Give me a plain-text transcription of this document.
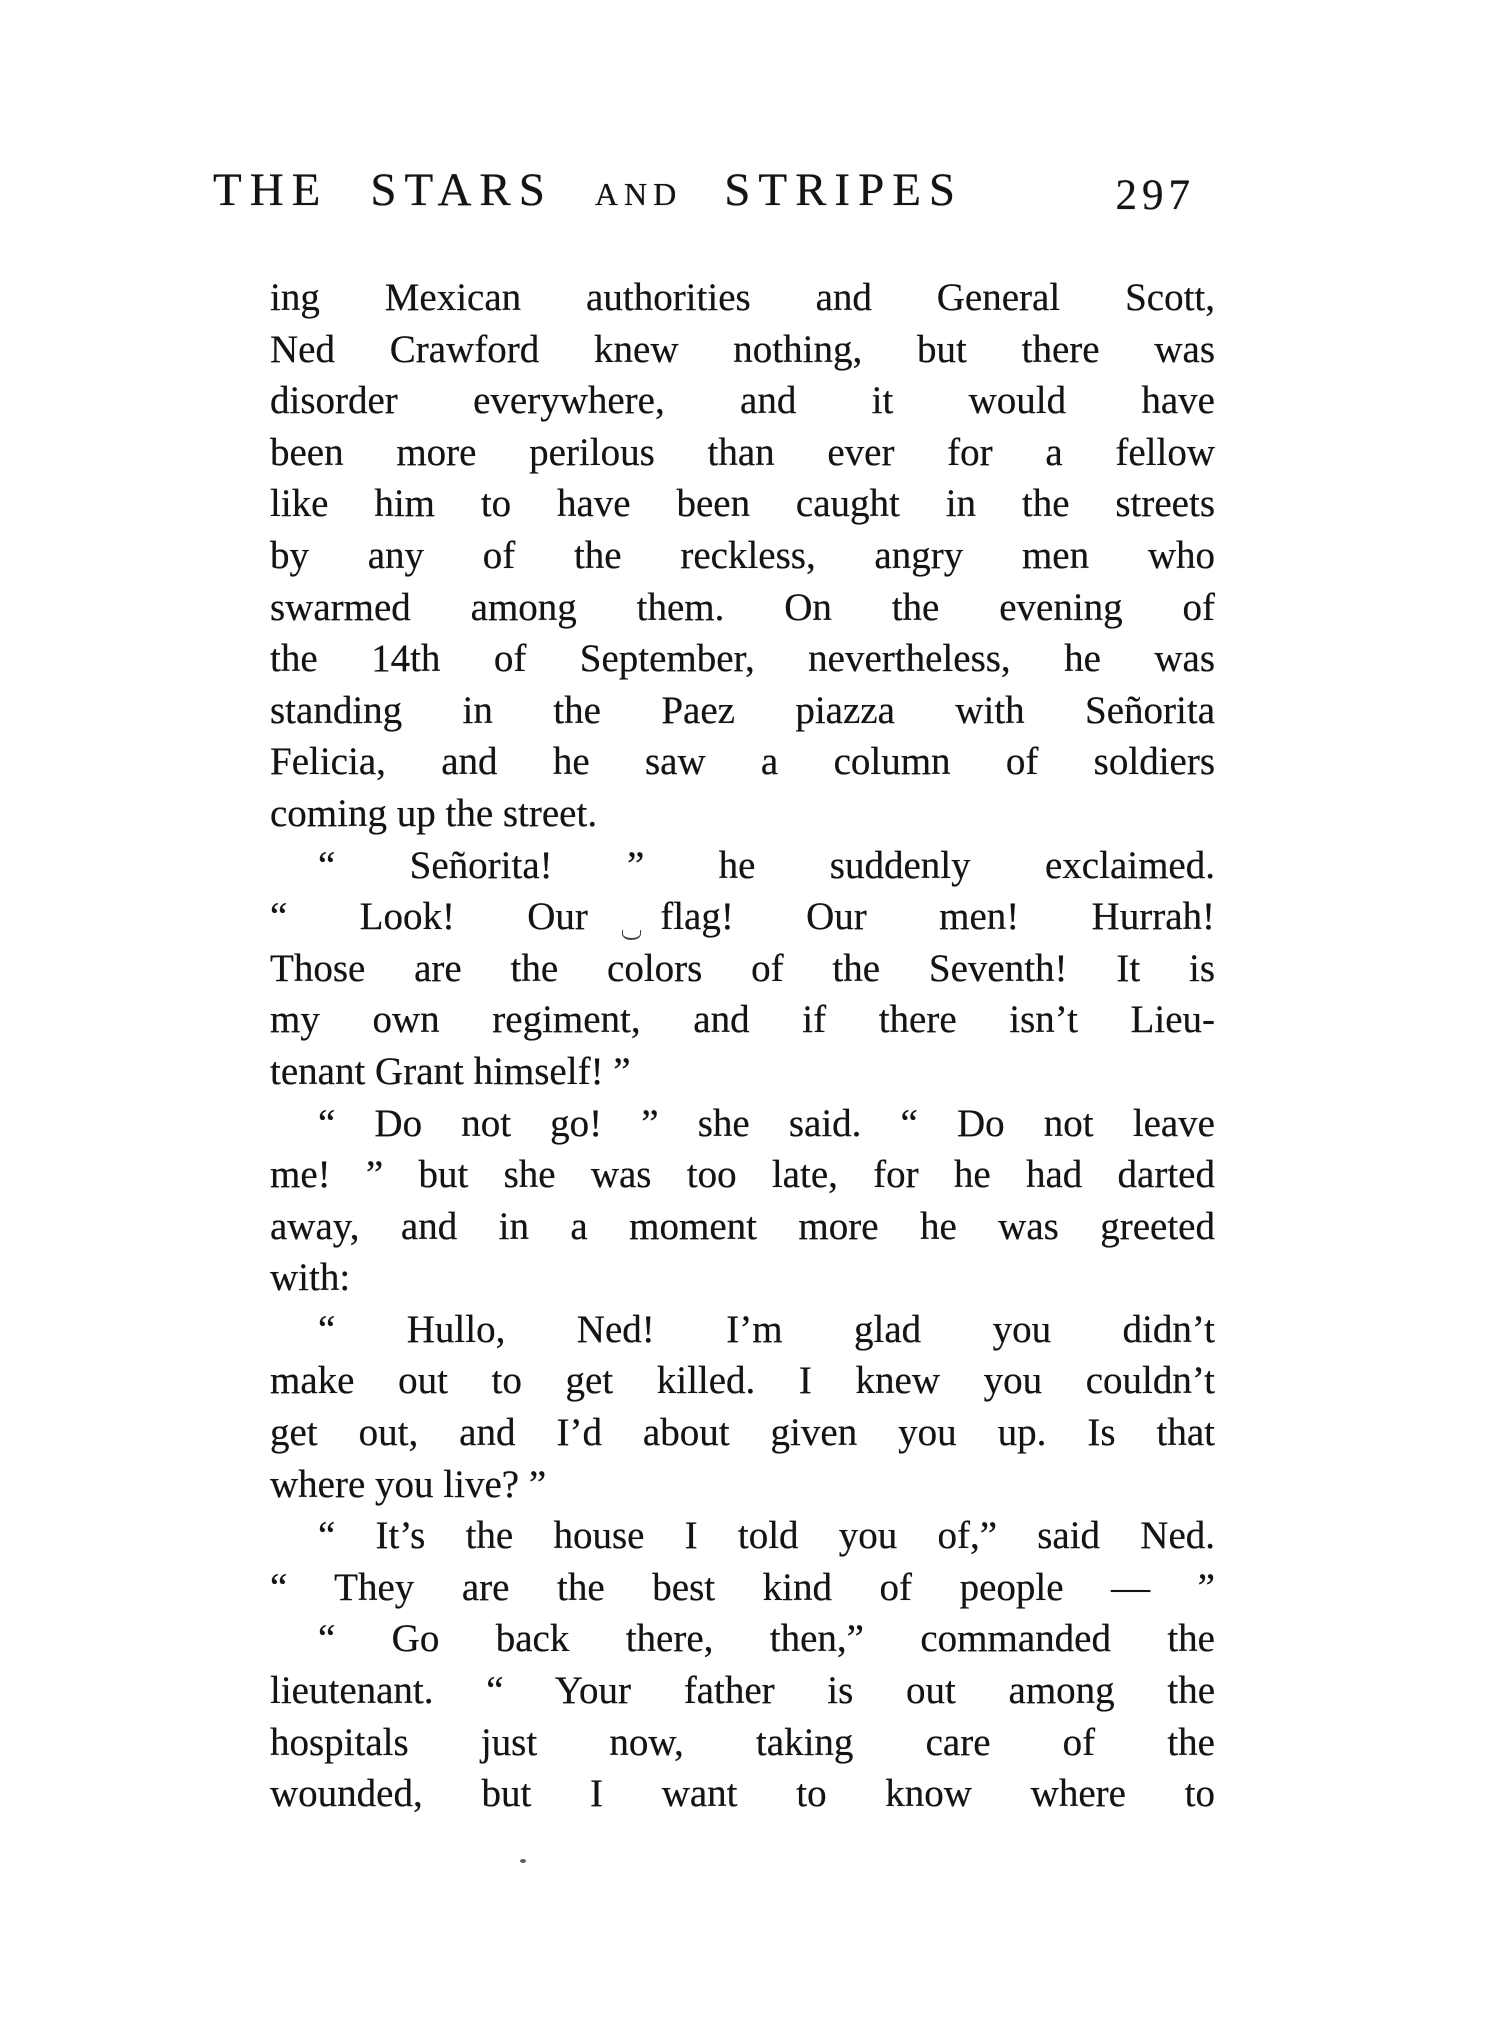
THE STARS AND STRIPES	297
ing Mexican authorities and General Scott,
Ned Crawford knew nothing, but there was
disorder everywhere, and it would have
been more perilous than ever for a fellow
like him to have been caught in the streets
by any of the reckless, angry men who
swarmed among them. On the evening of
the 14th of September, nevertheless, he was
standing in the Paez piazza with Señorita
Felicia, and he saw a column of soldiers
coming up the street.
“ Señorita! ” he suddenly exclaimed.
“ Look! Our flag! Our men! Hurrah!
Those are the colors of the Seventh! It is
my own regiment, and if there isn’t Lieu-
tenant Grant himself! ”
“ Do not go! ” she said. “ Do not leave
me! ” but she was too late, for he had darted
away, and in a moment more he was greeted
with:
“ Hullo, Ned! I’m glad you didn’t
make out to get killed. I knew you couldn’t
get out, and I’d about given you up. Is that
where you live? ”
“ It’s the house I told you of,” said Ned.
“ They are the best kind of people — ”
“ Go back there, then,” commanded the
lieutenant. “ Your father is out among the
hospitals just now, taking care of the
wounded, but I want to know where to
